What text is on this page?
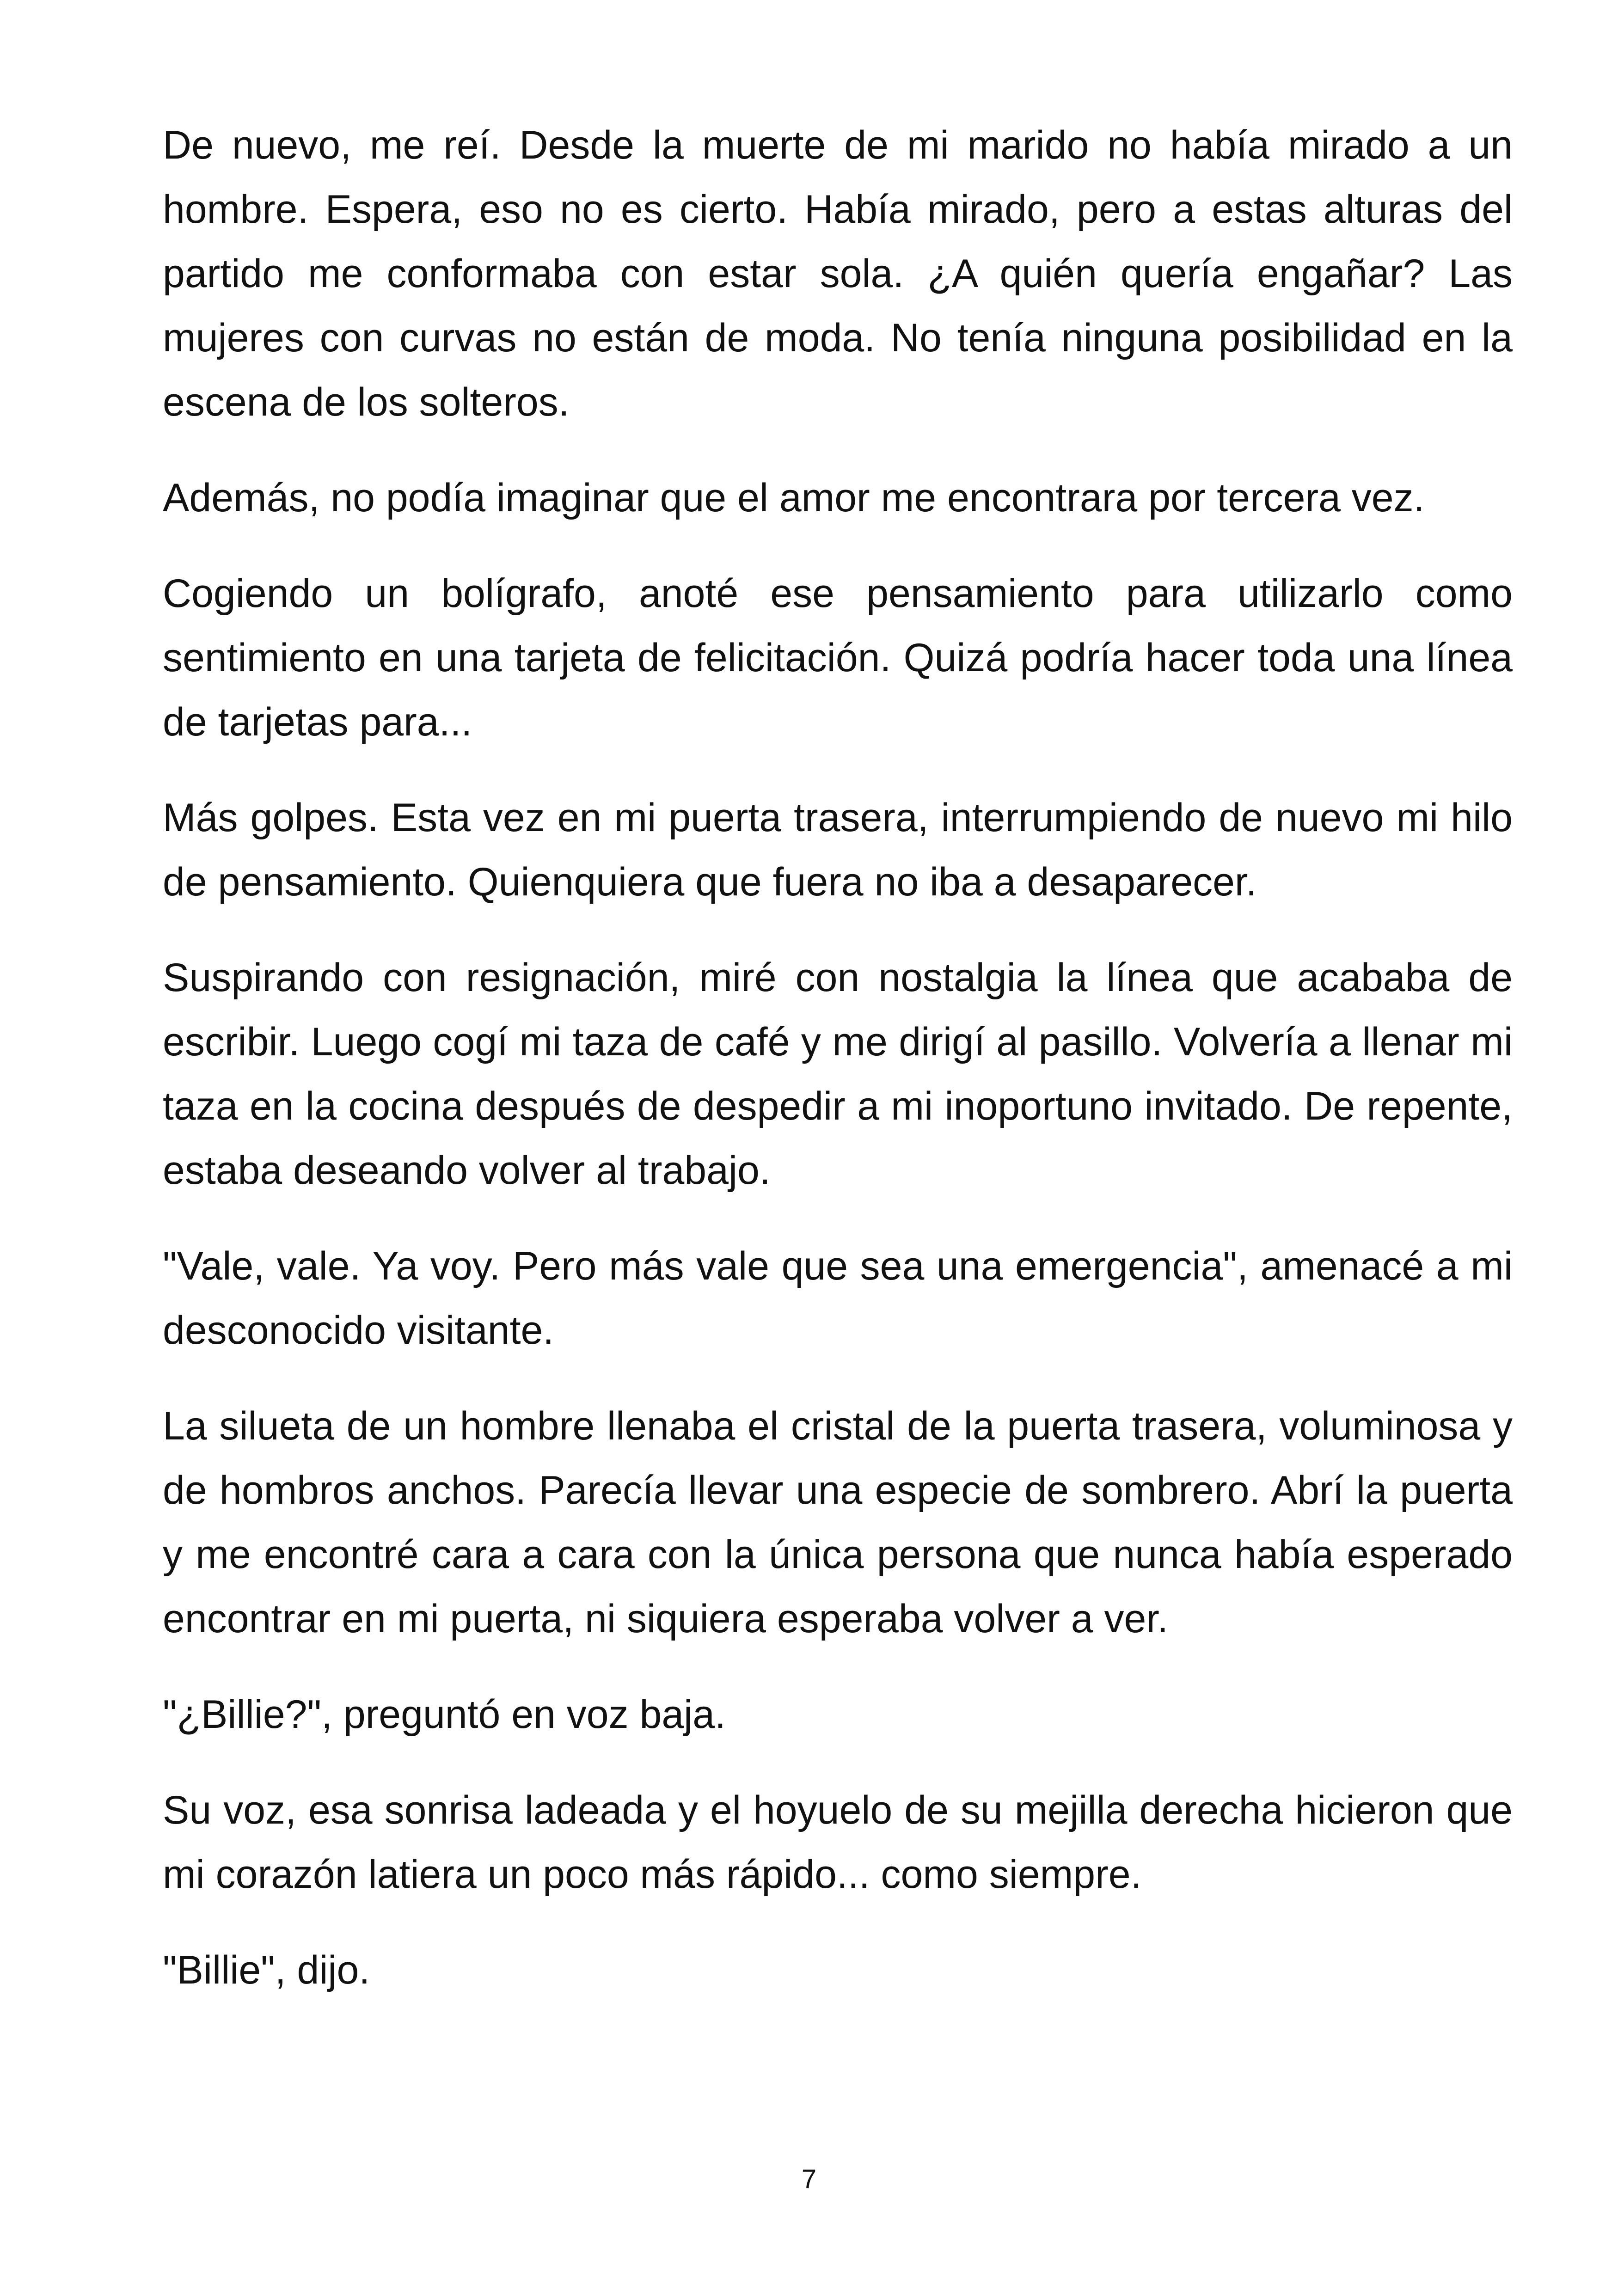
De nuevo, me reí. Desde la muerte de mi marido no había mirado a un hombre. Espera, eso no es cierto. Había mirado, pero a estas alturas del partido me conformaba con estar sola. ¿A quién quería engañar? Las mujeres con curvas no están de moda. No tenía ninguna posibilidad en la escena de los solteros.

Además, no podía imaginar que el amor me encontrara por tercera vez.

Cogiendo un bolígrafo, anoté ese pensamiento para utilizarlo como sentimiento en una tarjeta de felicitación. Quizá podría hacer toda una línea de tarjetas para...

Más golpes. Esta vez en mi puerta trasera, interrumpiendo de nuevo mi hilo de pensamiento. Quienquiera que fuera no iba a desaparecer.

Suspirando con resignación, miré con nostalgia la línea que acababa de escribir. Luego cogí mi taza de café y me dirigí al pasillo. Volvería a llenar mi taza en la cocina después de despedir a mi inoportuno invitado. De repente, estaba deseando volver al trabajo.

"Vale, vale. Ya voy. Pero más vale que sea una emergencia", amenacé a mi desconocido visitante.

La silueta de un hombre llenaba el cristal de la puerta trasera, voluminosa y de hombros anchos. Parecía llevar una especie de sombrero. Abrí la puerta y me encontré cara a cara con la única persona que nunca había esperado encontrar en mi puerta, ni siquiera esperaba volver a ver.

"¿Billie?", preguntó en voz baja.

Su voz, esa sonrisa ladeada y el hoyuelo de su mejilla derecha hicieron que mi corazón latiera un poco más rápido... como siempre.

"Billie", dijo.

7
